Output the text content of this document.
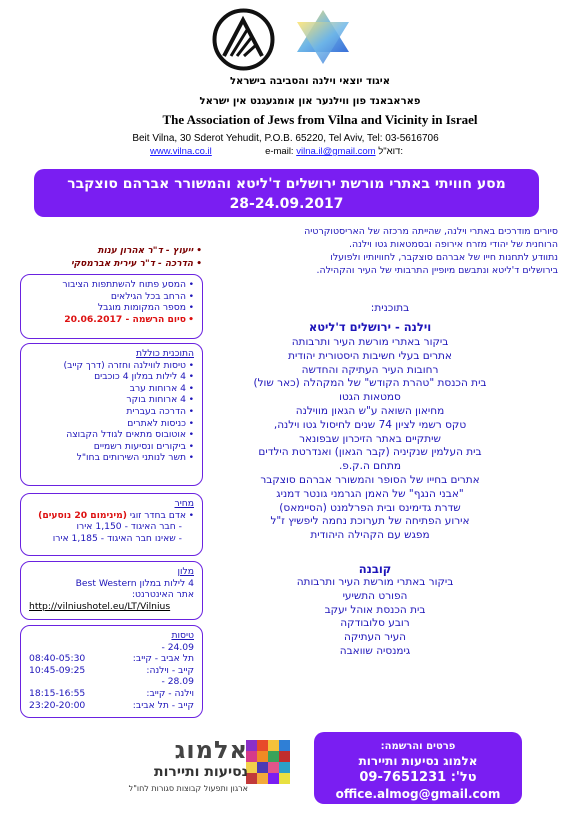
איגוד יוצאי וילנה והסביבה בישראל
פאראבאנד פון ווילנער און אומגעגנט אין ישראל
The Association of Jews from Vilna and Vicinity in Israel
Beit Vilna, 30 Sderot Yehudit, P.O.B. 65220, Tel Aviv, Tel: 03-5616706
www.vilna.co.il	e-mail: vilna.il@gmail.com דוא"ל:
מסע חוויתי באתרי מורשת ירושלים ד'ליטא והמשורר אברהם סוצקבר
28-24.09.2017
סיורים מודרכים באתרי וילנה, שהייתה מרכזה של האריסטוקרטיה
הרוחנית של יהודי מזרח אירופה ובסמטאות גטו וילנה.
נתוודע לתחנות חייו של אברהם סוצקבר, לחוויותיו ולפועלו
בירושלים ד'ליטא ונתבשם מיופיין התרבותי של העיר והקהילה.
בתוכנית:
וילנה - ירושלים ד'ליטא
ביקור באתרי מורשת העיר ותרבותה
אתרים בעלי חשיבות היסטורית יהודית
רחובות העיר העתיקה והחדשה
בית הכנסת "טהרת הקודש" של המקהלה (כאר שול)
סמטאות הגטו
מחיאון השואה ע"ש הגאון מווילנה
טקס רשמי לציון 74 שנים לחיסול גטו וילנה,
שיתקיים באתר הזיכרון שבפונאר
בית העלמין שנקיניה (קבר הגאון) ואנדרטת הילדים
מתחם ה.ק.פ.
אתרים בחייו של הסופר והמשורר אברהם סוצקבר
"אבני הנגף" של האמן הגרמני גונטר דמניג
שדרת גדימינס ובית הפרלמנט (הסיימאס)
אירוע הפתיחה של תערוכת נחמה ליפשיץ ז"ל
מפגש עם הקהילה היהודית
קובנה
ביקור באתרי מורשת העיר ותרבותה
הפורט התשיעי
בית הכנסת אוהל יעקב
רובע סלובודקה
העיר העתיקה
גימנסיה שוואבה
• ייעוץ - ד"ר אהרון ענות
• הדרכה - ד"ר עירית אברמסקי
• המסע פתוח להשתתפות הציבור
• הרחב בכל הגילאים
• מספר המקומות מוגבל
• סיום הרשמה - 20.06.2017
התוכנית כוללת
• טיסות לווילנה וחזרה (דרך קייב)
• 4 לילות במלון 4 כוכבים
• 4 ארוחות ערב
• 4 ארוחות בוקר
• הדרכה בעברית
• כניסות לאתרים
• אוטובוס מתאים לגודל הקבוצה
• ביקורים ונסיעות רשמיים
• תשר לנותני השירותים בחו"ל
מחיר
• אדם בחדר זוגי (מינימום 20 נוסעים)
- חבר האיגוד - 1,150 אירו
- שאינו חבר האיגוד - 1,185 אירו
מלון
4 לילות במלון Best Western
אתר האינטרנט:
http://vilniushotel.eu/LT/Vilnius
טיסות
24.09 -
תל אביב - קייב:
08:40-05:30
קייב - וילנה:
10:45-09:25
28.09 -
וילנה - קייב:
18:15-16:55
קייב - תל אביב:
23:20-20:00
אלמוג
נסיעות ותיירות
ארגון ותפעול קבוצות סגורות לחו"ל
פרטים והרשמה:
אלמוג נסיעות ותיירות
טל': 09-7651231
office.almog@gmail.com
